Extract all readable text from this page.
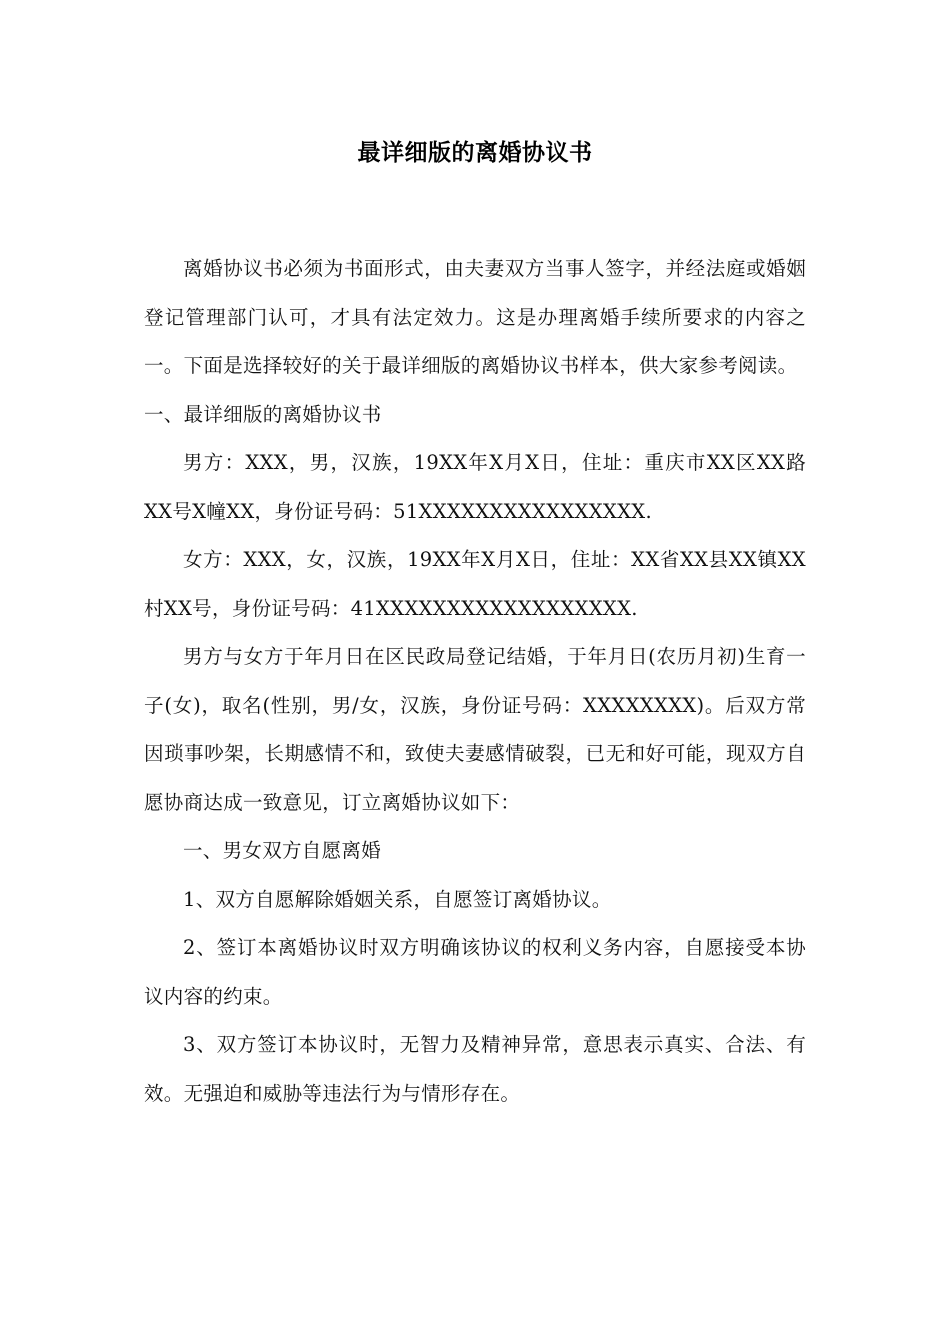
最详细版的离婚协议书

离婚协议书必须为书面形式，由夫妻双方当事人签字，并经法庭或婚姻登记管理部门认可，才具有法定效力。这是办理离婚手续所要求的内容之一。下面是选择较好的关于最详细版的离婚协议书样本，供大家参考阅读。

一、最详细版的离婚协议书

男方：XXX，男，汉族，19XX年X月X日，住址：重庆市XX区XX路XX号X幢XX，身份证号码：51XXXXXXXXXXXXXXXX.

女方：XXX，女，汉族，19XX年X月X日，住址：XX省XX县XX镇XX村XX号，身份证号码：41XXXXXXXXXXXXXXXXXX.

男方与女方于年月日在区民政局登记结婚，于年月日(农历月初)生育一子(女)，取名(性别，男/女，汉族，身份证号码：XXXXXXXX)。后双方常因琐事吵架，长期感情不和，致使夫妻感情破裂，已无和好可能，现双方自愿协商达成一致意见，订立离婚协议如下：

一、男女双方自愿离婚

1、双方自愿解除婚姻关系，自愿签订离婚协议。

2、签订本离婚协议时双方明确该协议的权利义务内容，自愿接受本协议内容的约束。

3、双方签订本协议时，无智力及精神异常，意思表示真实、合法、有效。无强迫和威胁等违法行为与情形存在。
